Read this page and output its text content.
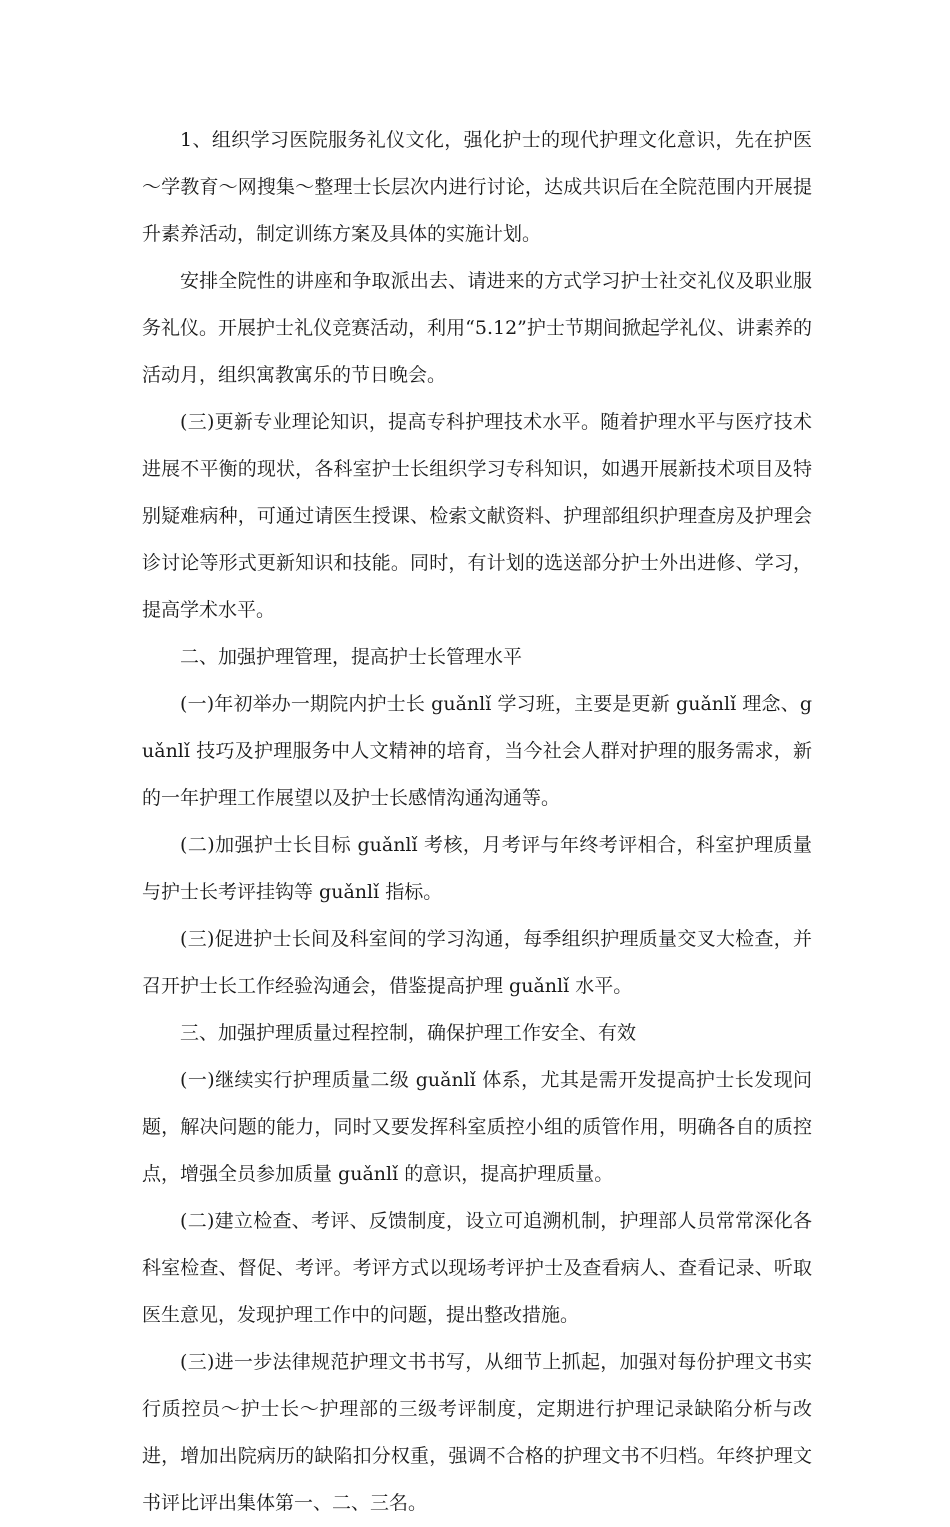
1、组织学习医院服务礼仪文化，强化护士的现代护理文化意识，先在护医～学教育～网搜集～整理士长层次内进行讨论，达成共识后在全院范围内开展提升素养活动，制定训练方案及具体的实施计划。

安排全院性的讲座和争取派出去、请进来的方式学习护士社交礼仪及职业服务礼仪。开展护士礼仪竞赛活动，利用“5.12”护士节期间掀起学礼仪、讲素养的活动月，组织寓教寓乐的节日晚会。

(三)更新专业理论知识，提高专科护理技术水平。随着护理水平与医疗技术进展不平衡的现状，各科室护士长组织学习专科知识，如遇开展新技术项目及特别疑难病种，可通过请医生授课、检索文献资料、护理部组织护理查房及护理会诊讨论等形式更新知识和技能。同时，有计划的选送部分护士外出进修、学习，提高学术水平。

二、加强护理管理，提高护士长管理水平

(一)年初举办一期院内护士长 guǎnlǐ 学习班，主要是更新 guǎnlǐ 理念、guǎnlǐ 技巧及护理服务中人文精神的培育，当今社会人群对护理的服务需求，新的一年护理工作展望以及护士长感情沟通沟通等。

(二)加强护士长目标 guǎnlǐ 考核，月考评与年终考评相合，科室护理质量与护士长考评挂钩等 guǎnlǐ 指标。

(三)促进护士长间及科室间的学习沟通，每季组织护理质量交叉大检查，并召开护士长工作经验沟通会，借鉴提高护理 guǎnlǐ 水平。

三、加强护理质量过程控制，确保护理工作安全、有效

(一)继续实行护理质量二级 guǎnlǐ 体系，尤其是需开发提高护士长发现问题，解决问题的能力，同时又要发挥科室质控小组的质管作用，明确各自的质控点，增强全员参加质量 guǎnlǐ 的意识，提高护理质量。

(二)建立检查、考评、反馈制度，设立可追溯机制，护理部人员常常深化各科室检查、督促、考评。考评方式以现场考评护士及查看病人、查看记录、听取医生意见，发现护理工作中的问题，提出整改措施。

(三)进一步法律规范护理文书书写，从细节上抓起，加强对每份护理文书实行质控员～护士长～护理部的三级考评制度，定期进行护理记录缺陷分析与改进，增加出院病历的缺陷扣分权重，强调不合格的护理文书不归档。年终护理文书评比评出集体第一、二、三名。
